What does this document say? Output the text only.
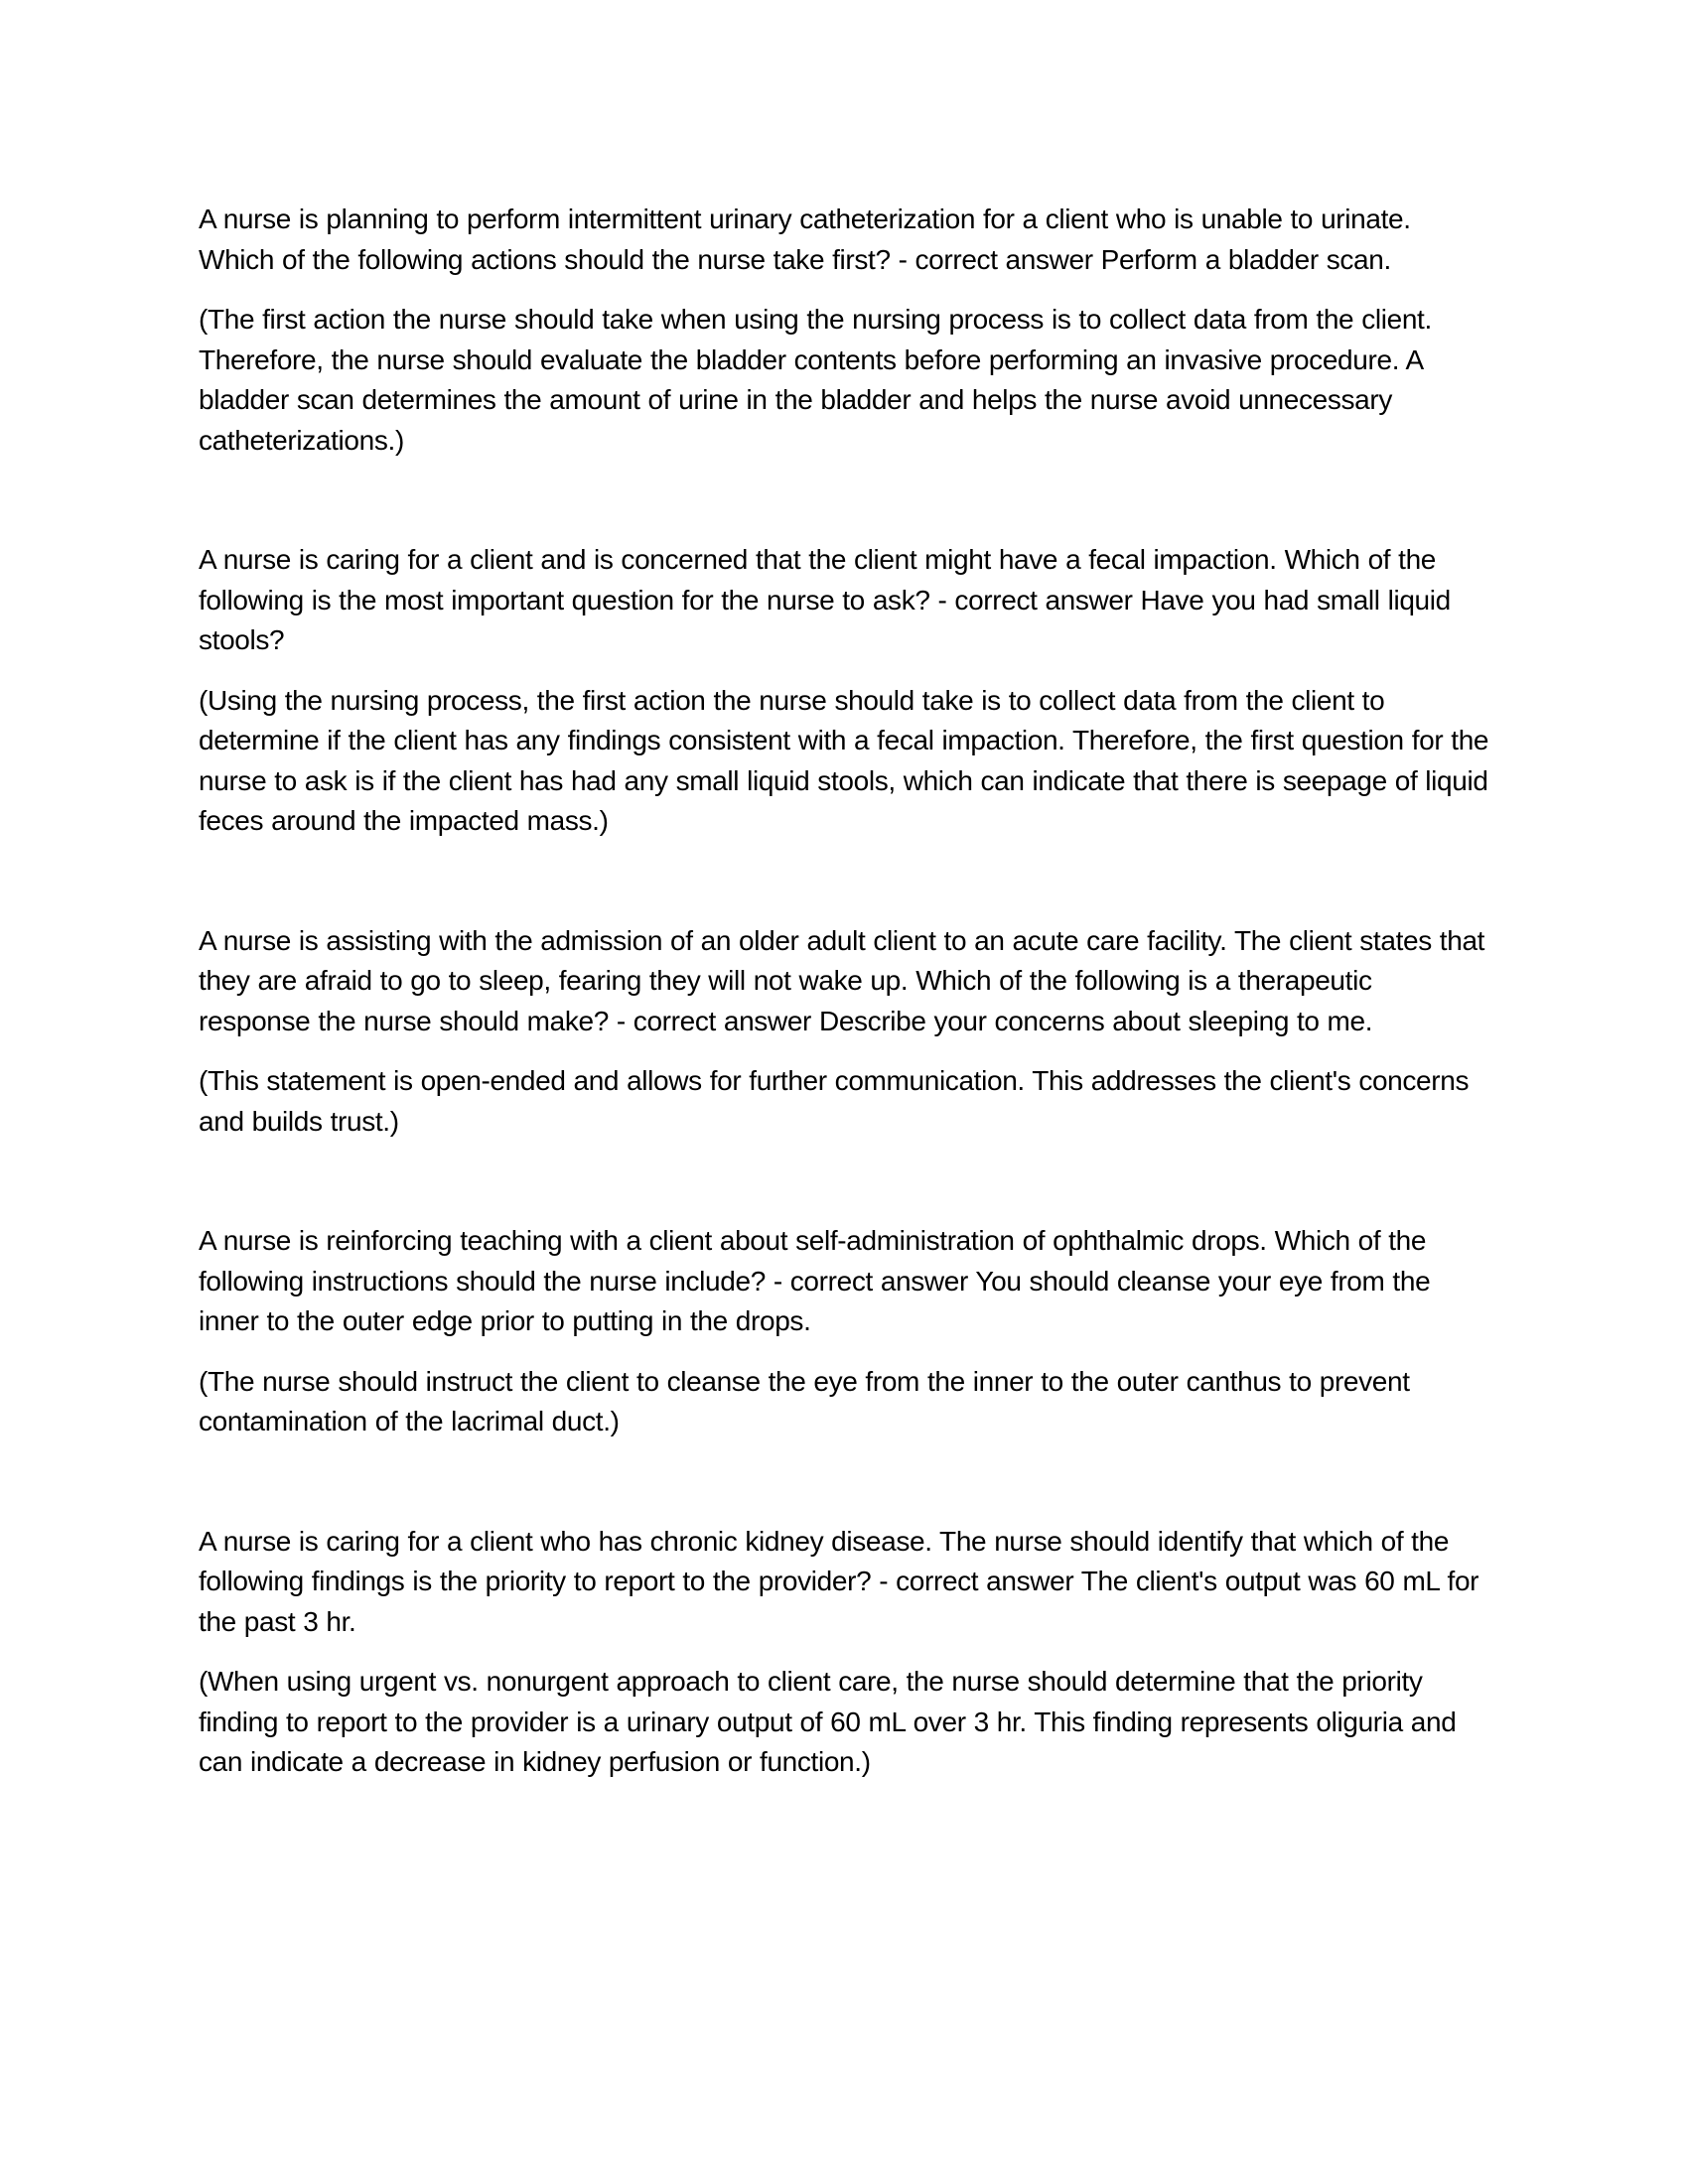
A nurse is planning to perform intermittent urinary catheterization for a client who is unable to urinate. Which of the following actions should the nurse take first? - correct answer Perform a bladder scan.

(The first action the nurse should take when using the nursing process is to collect data from the client. Therefore, the nurse should evaluate the bladder contents before performing an invasive procedure. A bladder scan determines the amount of urine in the bladder and helps the nurse avoid unnecessary catheterizations.)

A nurse is caring for a client and is concerned that the client might have a fecal impaction. Which of the following is the most important question for the nurse to ask? - correct answer Have you had small liquid stools?

(Using the nursing process, the first action the nurse should take is to collect data from the client to determine if the client has any findings consistent with a fecal impaction. Therefore, the first question for the nurse to ask is if the client has had any small liquid stools, which can indicate that there is seepage of liquid feces around the impacted mass.)

A nurse is assisting with the admission of an older adult client to an acute care facility. The client states that they are afraid to go to sleep, fearing they will not wake up. Which of the following is a therapeutic response the nurse should make? - correct answer Describe your concerns about sleeping to me.

(This statement is open-ended and allows for further communication. This addresses the client's concerns and builds trust.)

A nurse is reinforcing teaching with a client about self-administration of ophthalmic drops. Which of the following instructions should the nurse include? - correct answer You should cleanse your eye from the inner to the outer edge prior to putting in the drops.

(The nurse should instruct the client to cleanse the eye from the inner to the outer canthus to prevent contamination of the lacrimal duct.)

A nurse is caring for a client who has chronic kidney disease. The nurse should identify that which of the following findings is the priority to report to the provider? - correct answer The client's output was 60 mL for the past 3 hr.

(When using urgent vs. nonurgent approach to client care, the nurse should determine that the priority finding to report to the provider is a urinary output of 60 mL over 3 hr. This finding represents oliguria and can indicate a decrease in kidney perfusion or function.)
